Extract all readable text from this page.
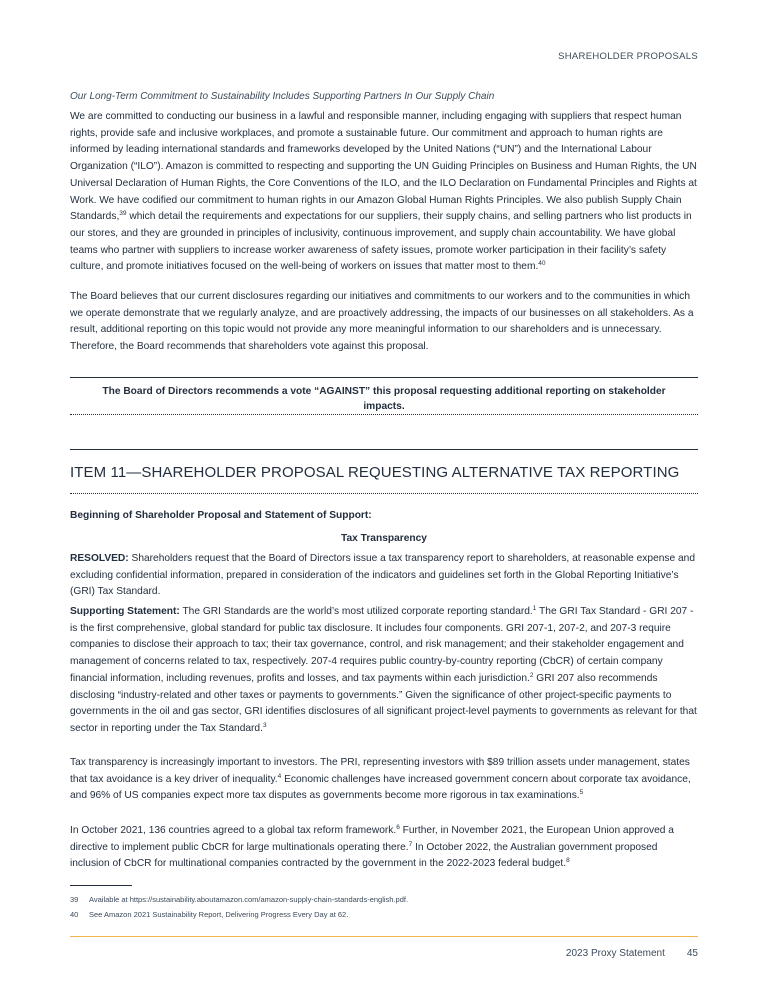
SHAREHOLDER PROPOSALS
Our Long-Term Commitment to Sustainability Includes Supporting Partners In Our Supply Chain

We are committed to conducting our business in a lawful and responsible manner, including engaging with suppliers that respect human rights, provide safe and inclusive workplaces, and promote a sustainable future. Our commitment and approach to human rights are informed by leading international standards and frameworks developed by the United Nations (“UN”) and the International Labour Organization (“ILO”). Amazon is committed to respecting and supporting the UN Guiding Principles on Business and Human Rights, the UN Universal Declaration of Human Rights, the Core Conventions of the ILO, and the ILO Declaration on Fundamental Principles and Rights at Work. We have codified our commitment to human rights in our Amazon Global Human Rights Principles. We also publish Supply Chain Standards,$^{39}$ which detail the requirements and expectations for our suppliers, their supply chains, and selling partners who list products in our stores, and they are grounded in principles of inclusivity, continuous improvement, and supply chain accountability. We have global teams who partner with suppliers to increase worker awareness of safety issues, promote worker participation in their facility’s safety culture, and promote initiatives focused on the well-being of workers on issues that matter most to them.$^{40}$

The Board believes that our current disclosures regarding our initiatives and commitments to our workers and to the communities in which we operate demonstrate that we regularly analyze, and are proactively addressing, the impacts of our businesses on all stakeholders. As a result, additional reporting on this topic would not provide any more meaningful information to our shareholders and is unnecessary. Therefore, the Board recommends that shareholders vote against this proposal.

The Board of Directors recommends a vote “AGAINST” this proposal requesting additional reporting on stakeholder impacts.
ITEM 11—SHAREHOLDER PROPOSAL REQUESTING ALTERNATIVE TAX REPORTING
Beginning of Shareholder Proposal and Statement of Support:
Tax Transparency

RESOLVED: Shareholders request that the Board of Directors issue a tax transparency report to shareholders, at reasonable expense and excluding confidential information, prepared in consideration of the indicators and guidelines set forth in the Global Reporting Initiative’s (GRI) Tax Standard.

Supporting Statement: The GRI Standards are the world’s most utilized corporate reporting standard.$^1$ The GRI Tax Standard - GRI 207 - is the first comprehensive, global standard for public tax disclosure. It includes four components. GRI 207-1, 207-2, and 207-3 require companies to disclose their approach to tax; their tax governance, control, and risk management; and their stakeholder engagement and management of concerns related to tax, respectively. 207-4 requires public country-by-country reporting (CbCR) of certain company financial information, including revenues, profits and losses, and tax payments within each jurisdiction.$^2$ GRI 207 also recommends disclosing “industry-related and other taxes or payments to governments.” Given the significance of other project-specific payments to governments in the oil and gas sector, GRI identifies disclosures of all significant project-level payments to governments as relevant for that sector in reporting under the Tax Standard.$^3$

Tax transparency is increasingly important to investors. The PRI, representing investors with $89 trillion assets under management, states that tax avoidance is a key driver of inequality.$^4$ Economic challenges have increased government concern about corporate tax avoidance, and 96% of US companies expect more tax disputes as governments become more rigorous in tax examinations.$^5$

In October 2021, 136 countries agreed to a global tax reform framework.$^6$ Further, in November 2021, the European Union approved a directive to implement public CbCR for large multinationals operating there.$^7$ In October 2022, the Australian government proposed inclusion of CbCR for multinational companies contracted by the government in the 2022-2023 federal budget.$^8$

39 Available at https://sustainability.aboutamazon.com/amazon-supply-chain-standards-english.pdf.
40 See Amazon 2021 Sustainability Report, Delivering Progress Every Day at 62.
2023 Proxy Statement 45
